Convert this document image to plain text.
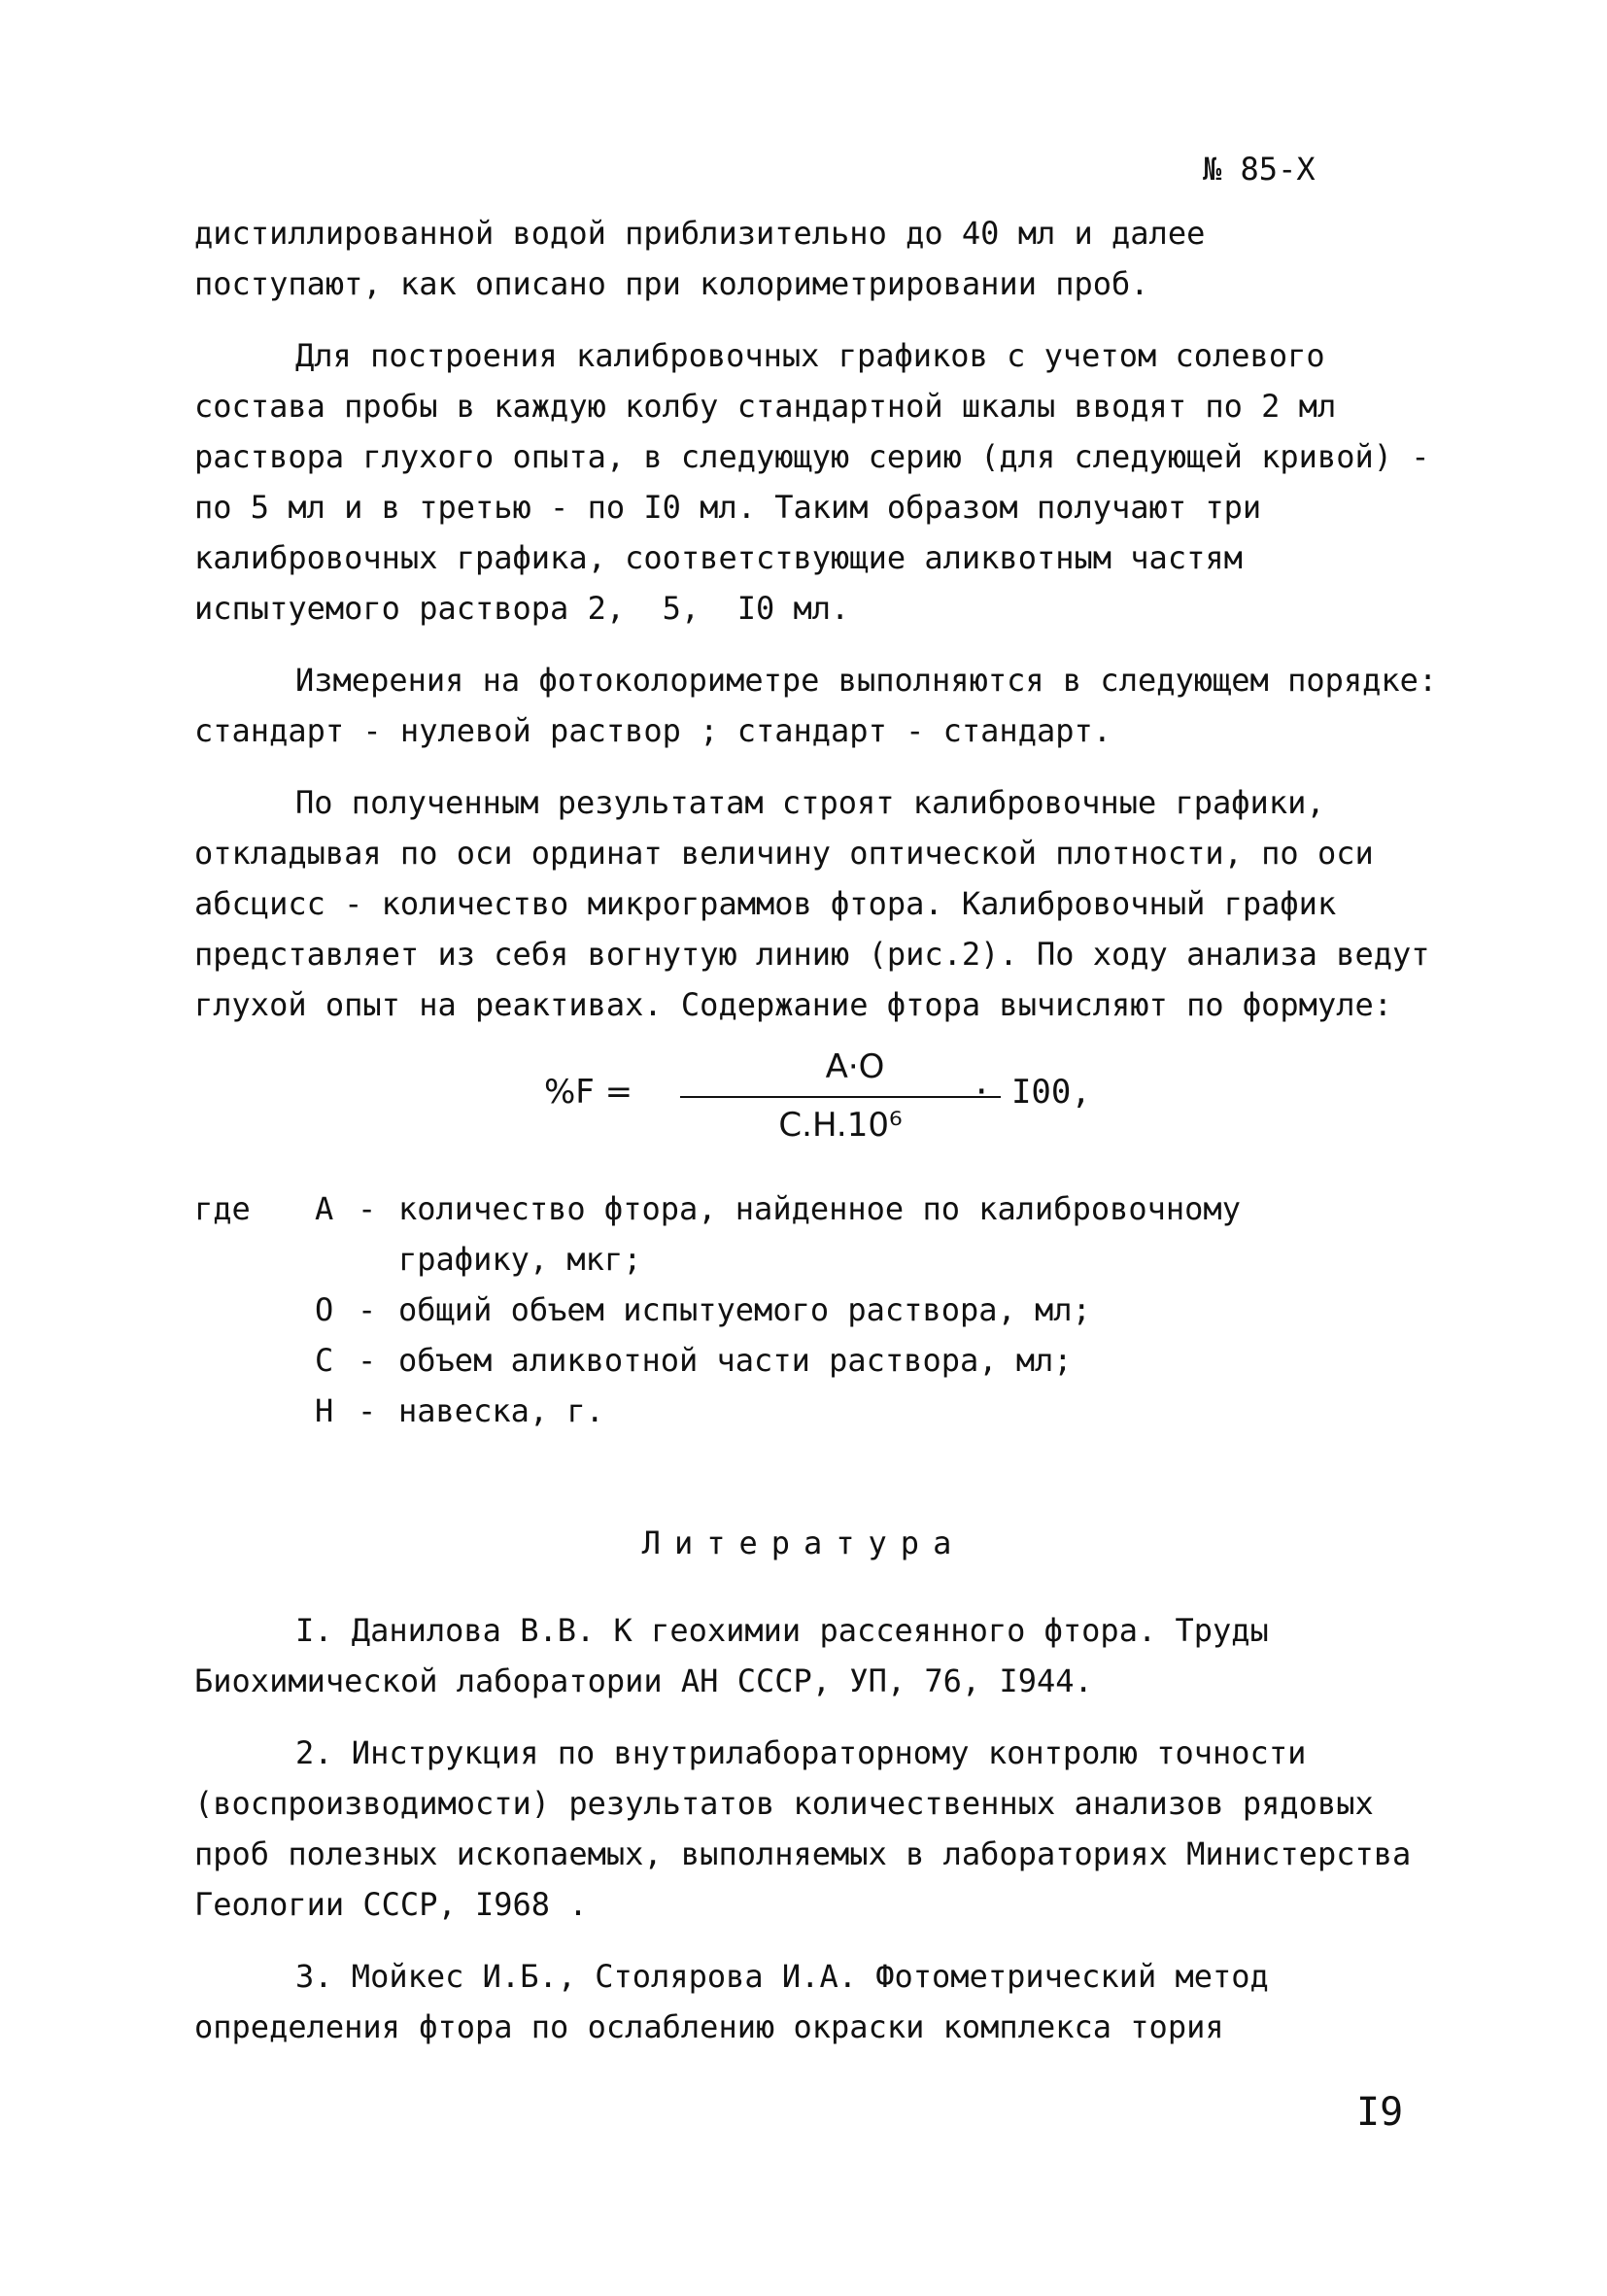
№ 85-Х

дистиллированной водой приблизительно до 40 мл и далее
поступают, как описано при колориметрировании проб.

Для построения калибровочных графиков с учетом солевого состава пробы в каждую колбу стандартной шкалы вводят по 2 мл раствора глухого опыта, в следующую серию (для следующей кривой) - по 5 мл и в третью - по I0 мл. Таким образом получают три калибровочных графика, соответствующие аликвотным частям испытуемого раствора 2,  5,  I0 мл.

Измерения на фотоколориметре выполняются в следующем порядке: стандарт - нулевой раствор ; стандарт - стандарт.

По полученным результатам строят калибровочные графики, откладывая по оси ординат величину оптической плотности, по оси абсцисс - количество микрограммов фтора. Калибровочный график представляет из себя вогнутую линию (рис.2). По ходу анализа ведут глухой опыт на реактивах. Содержание фтора вычисляют по формуле:

%F =
A·O
C.H.10⁶
· I00,
где А - количество фтора, найденное по калибровочному
графику, мкг;
О - общий объем испытуемого раствора, мл;
С - объем аликвотной части раствора, мл;
Н - навеска, г.
Литература

I. Данилова В.В. К геохимии рассеянного фтора. Труды Биохимической лаборатории АН СССР, УП, 76, I944.

2. Инструкция по внутрилабораторному контролю точности (воспроизводимости) результатов количественных анализов рядовых проб полезных ископаемых, выполняемых в лабораториях Министерства Геологии СССР, I968 .

3. Мойкес И.Б., Столярова И.А. Фотометрический метод определения фтора по ослаблению окраски комплекса тория

I9
